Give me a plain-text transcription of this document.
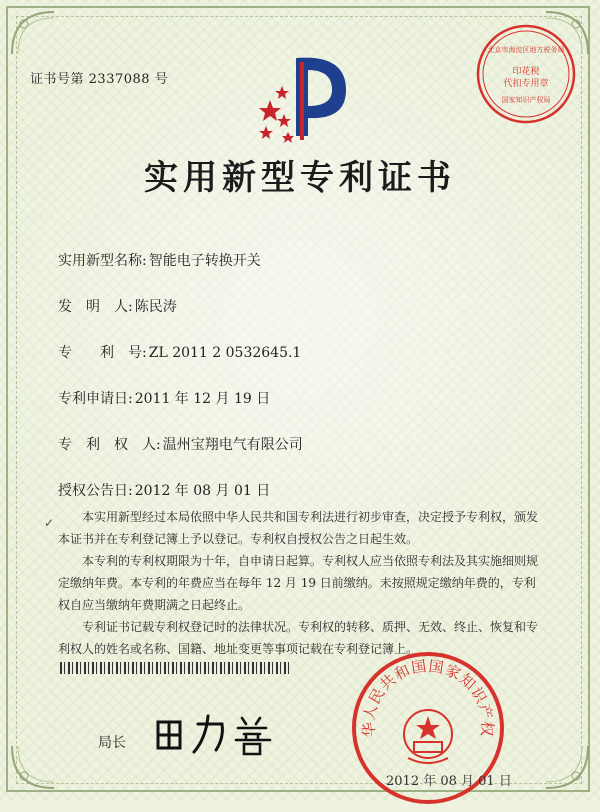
证书号第 2337088 号
北京市海淀区地方税务局
印花税
代扣专用章
国家知识产权局
实用新型专利证书
实用新型名称: 智能电子转换开关
发　明　人: 陈民涛
专　　利　号: ZL 2011 2 0532645.1
专利申请日: 2011 年 12 月 19 日
专　利　权　人: 温州宝翔电气有限公司
授权公告日: 2012 年 08 月 01 日
✓	本实用新型经过本局依照中华人民共和国专利法进行初步审查，决定授予专利权，颁发本证书并在专利登记簿上予以登记。专利权自授权公告之日起生效。

本专利的专利权期限为十年，自申请日起算。专利权人应当依照专利法及其实施细则规定缴纳年费。本专利的年费应当在每年 12 月 19 日前缴纳。未按照规定缴纳年费的，专利权自应当缴纳年费期满之日起终止。

专利证书记载专利权登记时的法律状况。专利权的转移、质押、无效、终止、恢复和专利权人的姓名或名称、国籍、地址变更等事项记载在专利登记簿上。

局长
华人民共和国国家知识产权
2012 年 08 月 01 日
